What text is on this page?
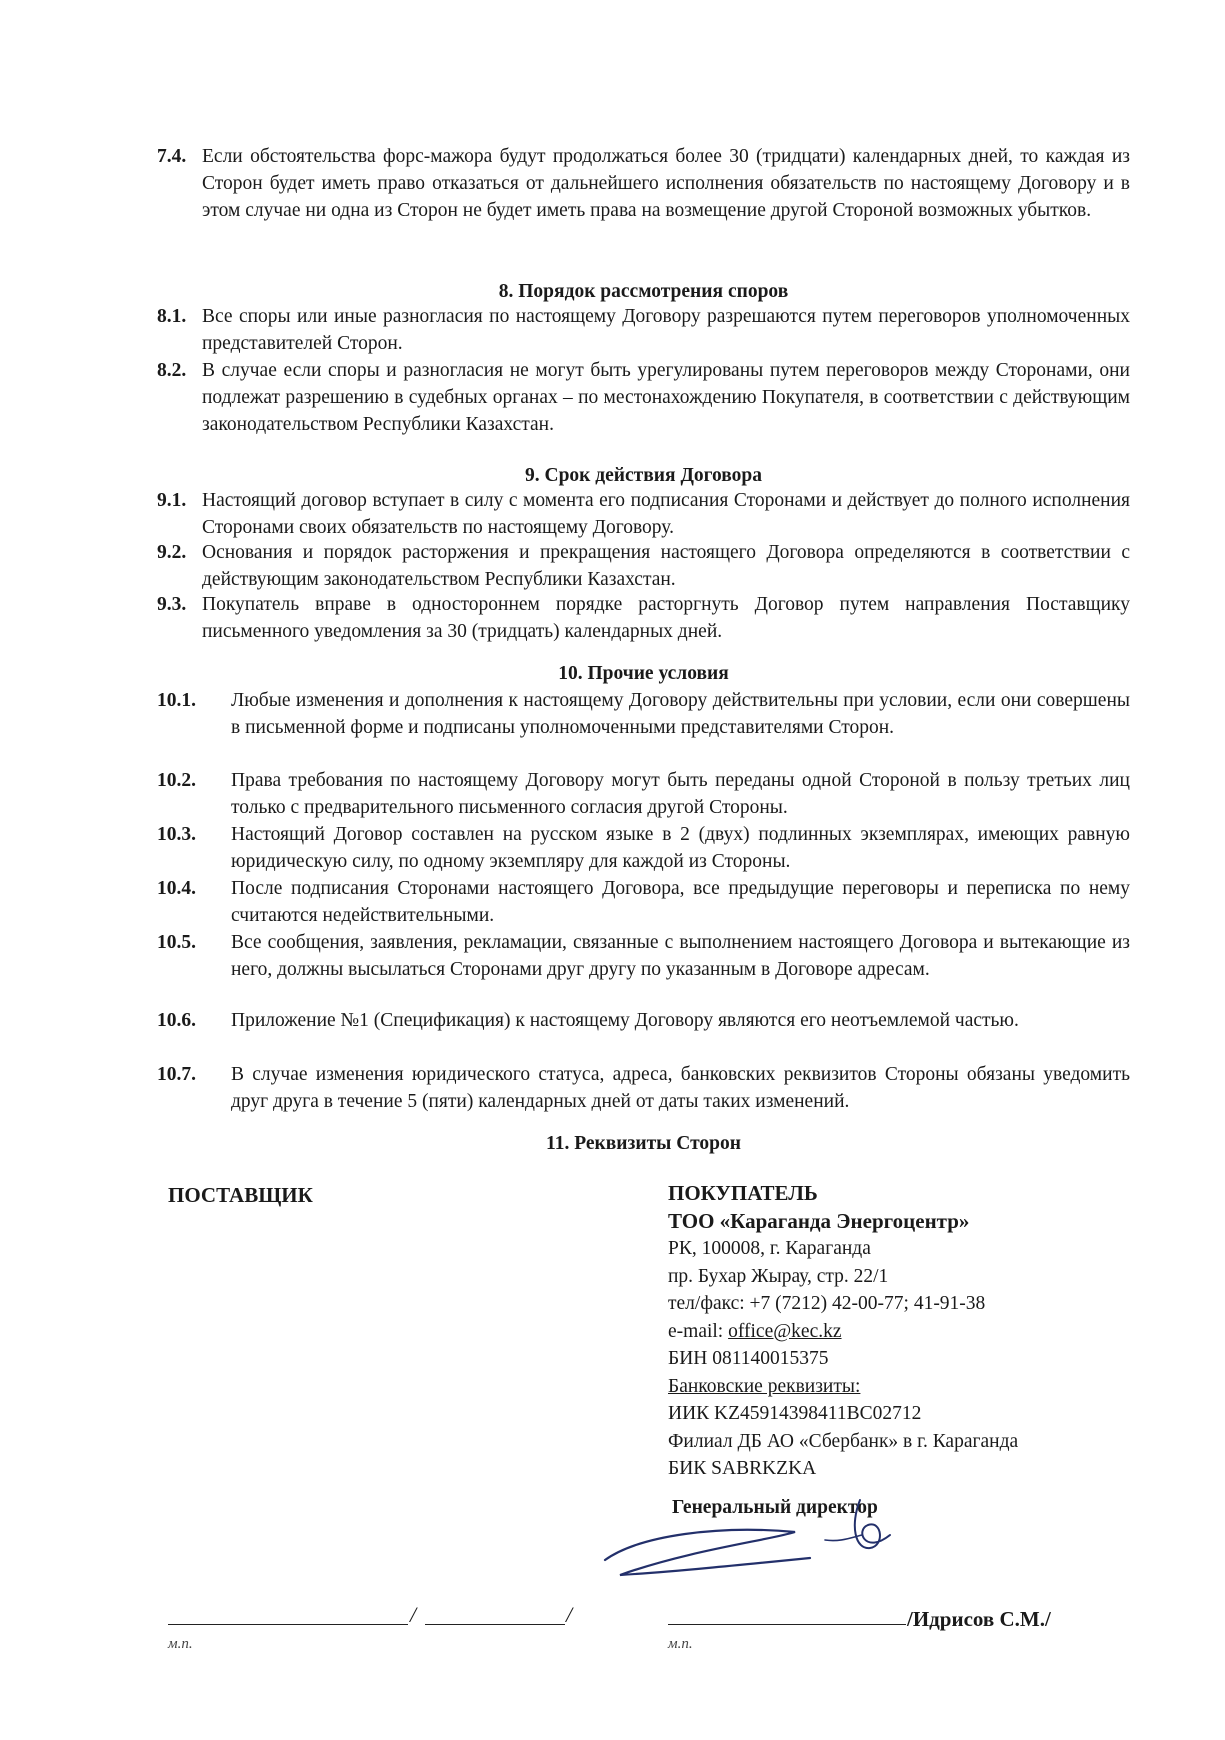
7.4. Если обстоятельства форс-мажора будут продолжаться более 30 (тридцати) календарных дней, то каждая из Сторон будет иметь право отказаться от дальнейшего исполнения обязательств по настоящему Договору и в этом случае ни одна из Сторон не будет иметь права на возмещение другой Стороной возможных убытков.
8. Порядок рассмотрения споров
8.1. Все споры или иные разногласия по настоящему Договору разрешаются путем переговоров уполномоченных представителей Сторон.
8.2. В случае если споры и разногласия не могут быть урегулированы путем переговоров между Сторонами, они подлежат разрешению в судебных органах – по местонахождению Покупателя, в соответствии с действующим законодательством Республики Казахстан.
9. Срок действия Договора
9.1. Настоящий договор вступает в силу с момента его подписания Сторонами и действует до полного исполнения Сторонами своих обязательств по настоящему Договору.
9.2. Основания и порядок расторжения и прекращения настоящего Договора определяются в соответствии с действующим законодательством Республики Казахстан.
9.3. Покупатель вправе в одностороннем порядке расторгнуть Договор путем направления Поставщику письменного уведомления за 30 (тридцать) календарных дней.
10. Прочие условия
10.1. Любые изменения и дополнения к настоящему Договору действительны при условии, если они совершены в письменной форме и подписаны уполномоченными представителями Сторон.
10.2. Права требования по настоящему Договору могут быть переданы одной Стороной в пользу третьих лиц только с предварительного письменного согласия другой Стороны.
10.3. Настоящий Договор составлен на русском языке в 2 (двух) подлинных экземплярах, имеющих равную юридическую силу, по одному экземпляру для каждой из Стороны.
10.4. После подписания Сторонами настоящего Договора, все предыдущие переговоры и переписка по нему считаются недействительными.
10.5. Все сообщения, заявления, рекламации, связанные с выполнением настоящего Договора и вытекающие из него, должны высылаться Сторонами друг другу по указанным в Договоре адресам.
10.6. Приложение №1 (Спецификация) к настоящему Договору являются его неотъемлемой частью.
10.7. В случае изменения юридического статуса, адреса, банковских реквизитов Стороны обязаны уведомить друг друга в течение 5 (пяти) календарных дней от даты таких изменений.
11. Реквизиты Сторон
ПОСТАВЩИК	ПОКУПАТЕЛЬ
ТОО «Караганда Энергоцентр»
РК, 100008, г. Караганда
пр. Бухар Жырау, стр. 22/1
тел/факс: +7 (7212) 42-00-77; 41-91-38
e-mail: office@kec.kz
БИН 081140015375
Банковские реквизиты:
ИИК KZ45914398411BC02712
Филиал ДБ АО «Сбербанк» в г. Караганда
БИК SABRKZKA
Генеральный директор
/	/
м.п.
/Идрисов С.М./
м.п.
